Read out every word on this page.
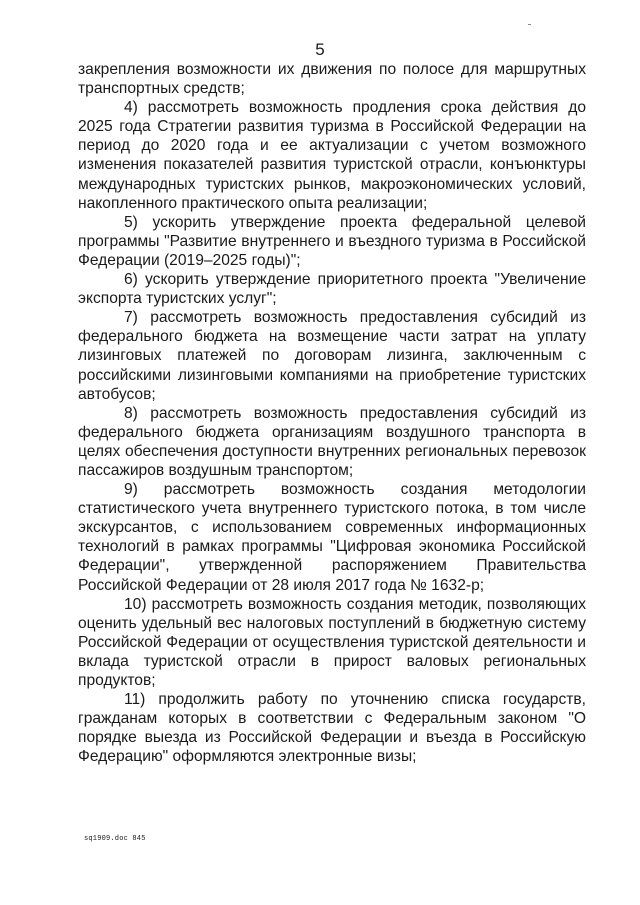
5

закрепления возможности их движения по полосе для маршрутных транспортных средств;

4) рассмотреть возможность продления срока действия до 2025 года Стратегии развития туризма в Российской Федерации на период до 2020 года и ее актуализации с учетом возможного изменения показателей развития туристской отрасли, конъюнктуры международных туристских рынков, макроэкономических условий, накопленного практического опыта реализации;

5) ускорить утверждение проекта федеральной целевой программы "Развитие внутреннего и въездного туризма в Российской Федерации (2019–2025 годы)";

6) ускорить утверждение приоритетного проекта "Увеличение экспорта туристских услуг";

7) рассмотреть возможность предоставления субсидий из федерального бюджета на возмещение части затрат на уплату лизинговых платежей по договорам лизинга, заключенным с российскими лизинговыми компаниями на приобретение туристских автобусов;

8) рассмотреть возможность предоставления субсидий из федерального бюджета организациям воздушного транспорта в целях обеспечения доступности внутренних региональных перевозок пассажиров воздушным транспортом;

9) рассмотреть возможность создания методологии статистического учета внутреннего туристского потока, в том числе экскурсантов, с использованием современных информационных технологий в рамках программы "Цифровая экономика Российской Федерации", утвержденной распоряжением Правительства Российской Федерации от 28 июля 2017 года № 1632-р;

10) рассмотреть возможность создания методик, позволяющих оценить удельный вес налоговых поступлений в бюджетную систему Российской Федерации от осуществления туристской деятельности и вклада туристской отрасли в прирост валовых региональных продуктов;

11) продолжить работу по уточнению списка государств, гражданам которых в соответствии с Федеральным законом "О порядке выезда из Российской Федерации и въезда в Российскую Федерацию" оформляются электронные визы;

sq1909.doc 845
